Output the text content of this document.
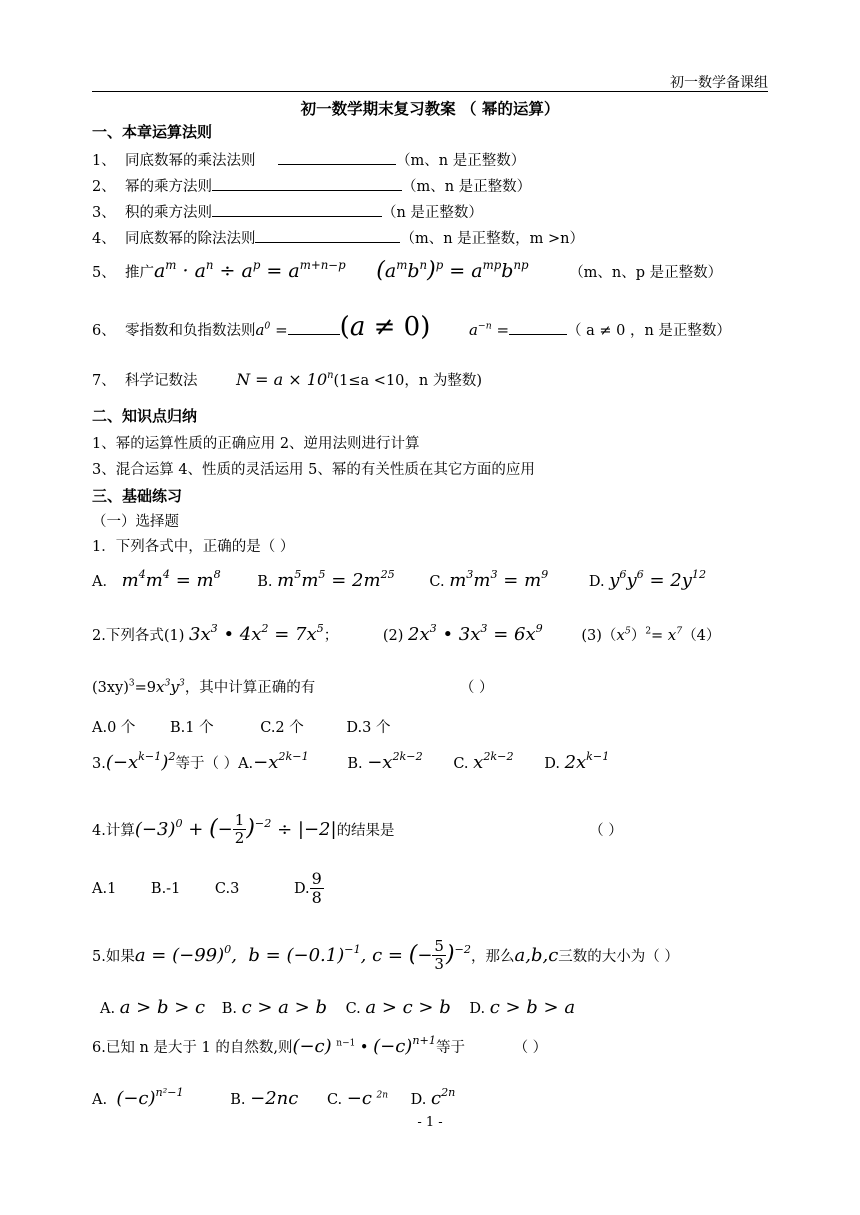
初一数学备课组
初一数学期末复习教案 （ 幂的运算）
一、本章运算法则
1、 同底数幂的乘法法则	（m、n 是正整数）
2、 幂的乘方法则	（m、n 是正整数）
3、 积的乘方法则	（n 是正整数）
4、 同底数幂的除法法则	（m、n 是正整数，m >n）
5、 推广$a^m \cdot a^n \div a^p = a^{m+n-p}$ $(a^mb^n)^p = a^{mp}b^{np}$ （m、n、p 是正整数）
6、 零指数和负指数法则$a^0 = (a \ne 0)$	$a^{-n}$ =	（ a ≠ 0 ，n 是正整数）
7、 科学记数法 $N = a \times 10^n(1\le a <10$，n 为整数)
二、知识点归纳
1、幂的运算性质的正确应用 2、逆用法则进行计算
3、混合运算 4、性质的灵活运用 5、幂的有关性质在其它方面的应用
三、基础练习
（一）选择题
1．下列各式中，正确的是（ ）
A． $m^4m^4 = m^8$	B. $m^5m^5 = 2m^{25}$ C. $m^3m^3 = m^9$	D. $y^6y^6 = 2y^{12}$
2.下列各式(1) $3x^3$ • $4x^2 = 7x^5$；	(2) $2x^3$ • $3x^3 = 6x^9$	$(3)(x^5)^2= x^7(4)$
$(3xy)^3=9x^3y^3$，其中计算正确的有	（ ）
A.0 个 B.1 个	C.2 个	D.3 个
$3.(-x^{k-1})^2$等于（ ）$A.-x^{2k-1}$	B. $-x^{2k-2}$ C. $x^{2k-2}$ D. $2x^{k-1}$
4.计算$(-3)^0$ + (− $\frac{1}{2} )^{-2} \div |-2|$的结果是	（ ）
A.1 B.-1 C.3	D. $\frac{9}{8}$
5.如果$a = (-99)^0$,  $b = (-0.1)^{-1}$, c = (− $\frac{5}{3} )^{-2}$，那么a,b,c三数的大小为（ ）
A. a > b > c B. c > a > b C. a > c > b D. c > b > a
6.已知 n 是大于 1 的自然数,则(−c) $^{n-1}$ • $(-c)^{n+1}$等于	（ ）
A. $(-c)^{n^2-1}$	B. −2nc C. −c $^{2n}$ D. $c^{2n}$
- 1 -
